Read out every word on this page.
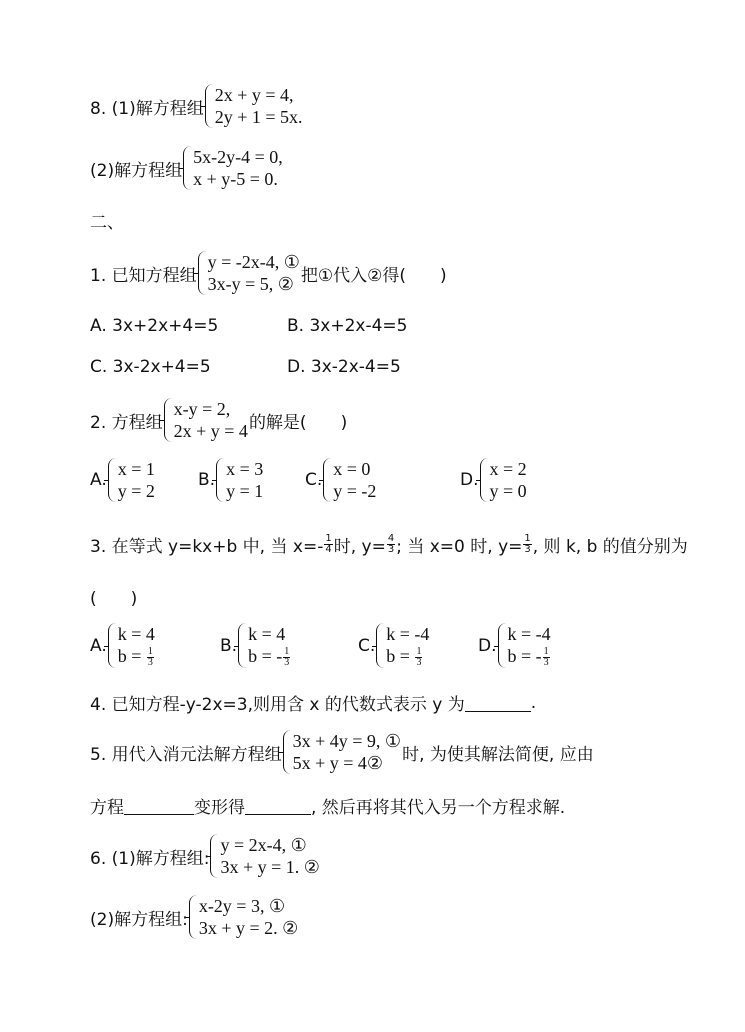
8. (1)解方程组
2x + y = 4,
2y + 1 = 5x.
(2)解方程组
5x-2y-4 = 0,
x + y-5 = 0.
二、
1. 已知方程组
y = -2x-4, ①
3x-y = 5, ② 把①代入②得(　　)
A. 3x+2x+4=5	B. 3x+2x-4=5
C. 3x-2x+4=5	D. 3x-2x-4=5
2. 方程组
x-y = 2,
2x + y = 4 的解是(　　)
A.
x = 1
y = 2
B.
x = 3
y = 1
C.
x = 0
y = -2
D.
x = 2
y = 0
3. 在等式 y=kx+b 中, 当 $x=- \frac{1}{4}$ 时, $y= \frac{4}{3}$ ; 当 x=0 时, $y= \frac{1}{3}$ , 则 k, b 的值分别为
(　　)
A.
k = 4
$b = \frac{1}{3}$
B.
k = 4
b = - $\frac{1}{3}$
C.
k = -4
$b = \frac{1}{3}$
D.
k = -4
b = - $\frac{1}{3}$
4. 已知方程-y-2x=3,则用含 x 的代数式表示 y 为	.
5. 用代入消元法解方程组
3x + 4y = 9, ①
5x + y = 4②	时, 为使其解法简便, 应由
方程	变形得	, 然后再将其代入另一个方程求解.
6. (1)解方程组:
y = 2x-4, ①
3x + y = 1. ②
(2)解方程组:
x-2y = 3, ①
3x + y = 2. ②
